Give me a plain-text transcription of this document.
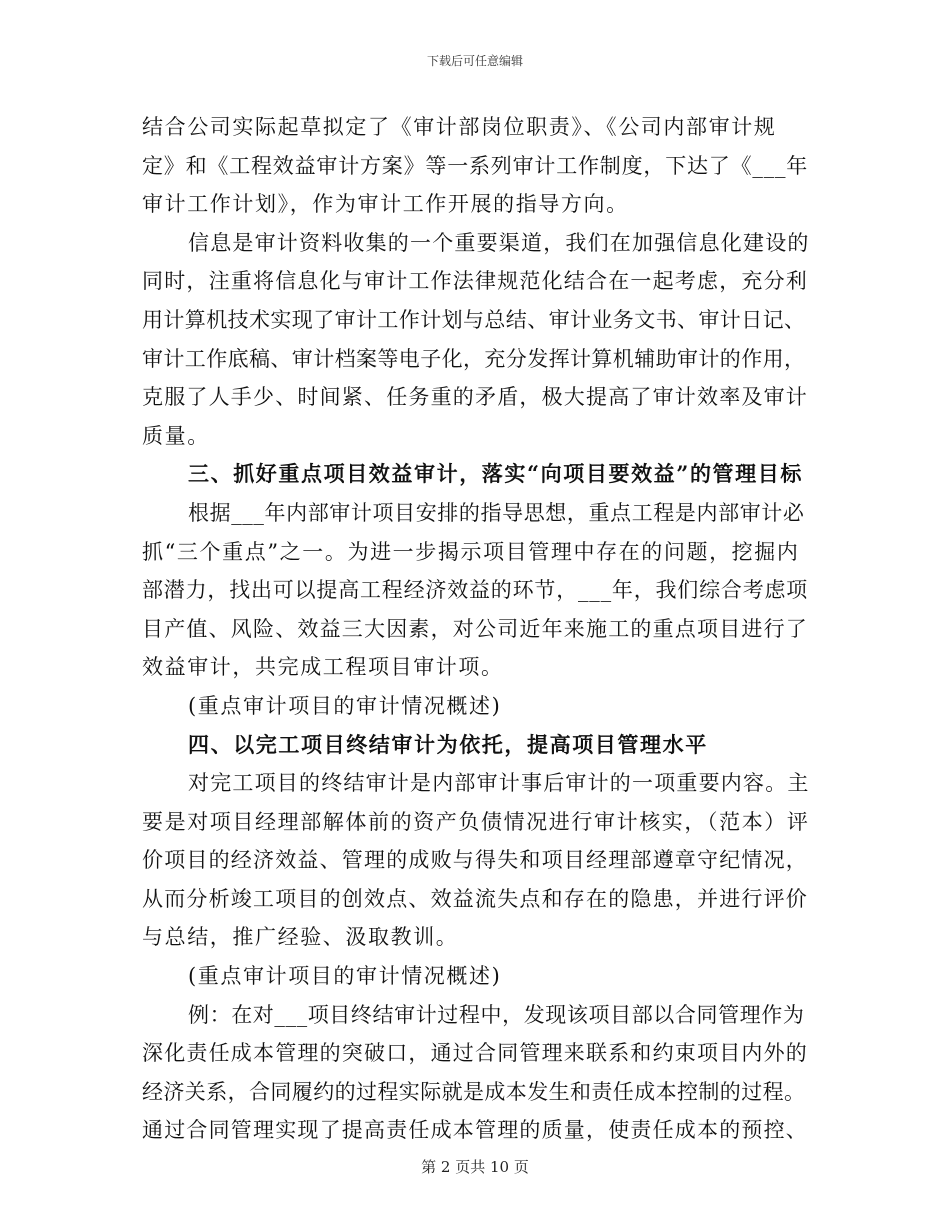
下载后可任意编辑
结合公司实际起草拟定了《审计部岗位职责》、《公司内部审计规
定》和《工程效益审计方案》等一系列审计工作制度，下达了《___年
审计工作计划》，作为审计工作开展的指导方向。
信息是审计资料收集的一个重要渠道，我们在加强信息化建设的
同时，注重将信息化与审计工作法律规范化结合在一起考虑，充分利
用计算机技术实现了审计工作计划与总结、审计业务文书、审计日记、
审计工作底稿、审计档案等电子化，充分发挥计算机辅助审计的作用，
克服了人手少、时间紧、任务重的矛盾，极大提高了审计效率及审计
质量。
三、抓好重点项目效益审计，落实“向项目要效益”的管理目标
根据___年内部审计项目安排的指导思想，重点工程是内部审计必
抓“三个重点”之一。为进一步揭示项目管理中存在的问题，挖掘内
部潜力，找出可以提高工程经济效益的环节，___年，我们综合考虑项
目产值、风险、效益三大因素，对公司近年来施工的重点项目进行了
效益审计，共完成工程项目审计项。
(重点审计项目的审计情况概述)
四、以完工项目终结审计为依托，提高项目管理水平
对完工项目的终结审计是内部审计事后审计的一项重要内容。主
要是对项目经理部解体前的资产负债情况进行审计核实，（范本）评
价项目的经济效益、管理的成败与得失和项目经理部遵章守纪情况，
从而分析竣工项目的创效点、效益流失点和存在的隐患，并进行评价
与总结，推广经验、汲取教训。
(重点审计项目的审计情况概述)
例：在对___项目终结审计过程中，发现该项目部以合同管理作为
深化责任成本管理的突破口，通过合同管理来联系和约束项目内外的
经济关系，合同履约的过程实际就是成本发生和责任成本控制的过程。
通过合同管理实现了提高责任成本管理的质量，使责任成本的预控、
第 2 页共 10 页
